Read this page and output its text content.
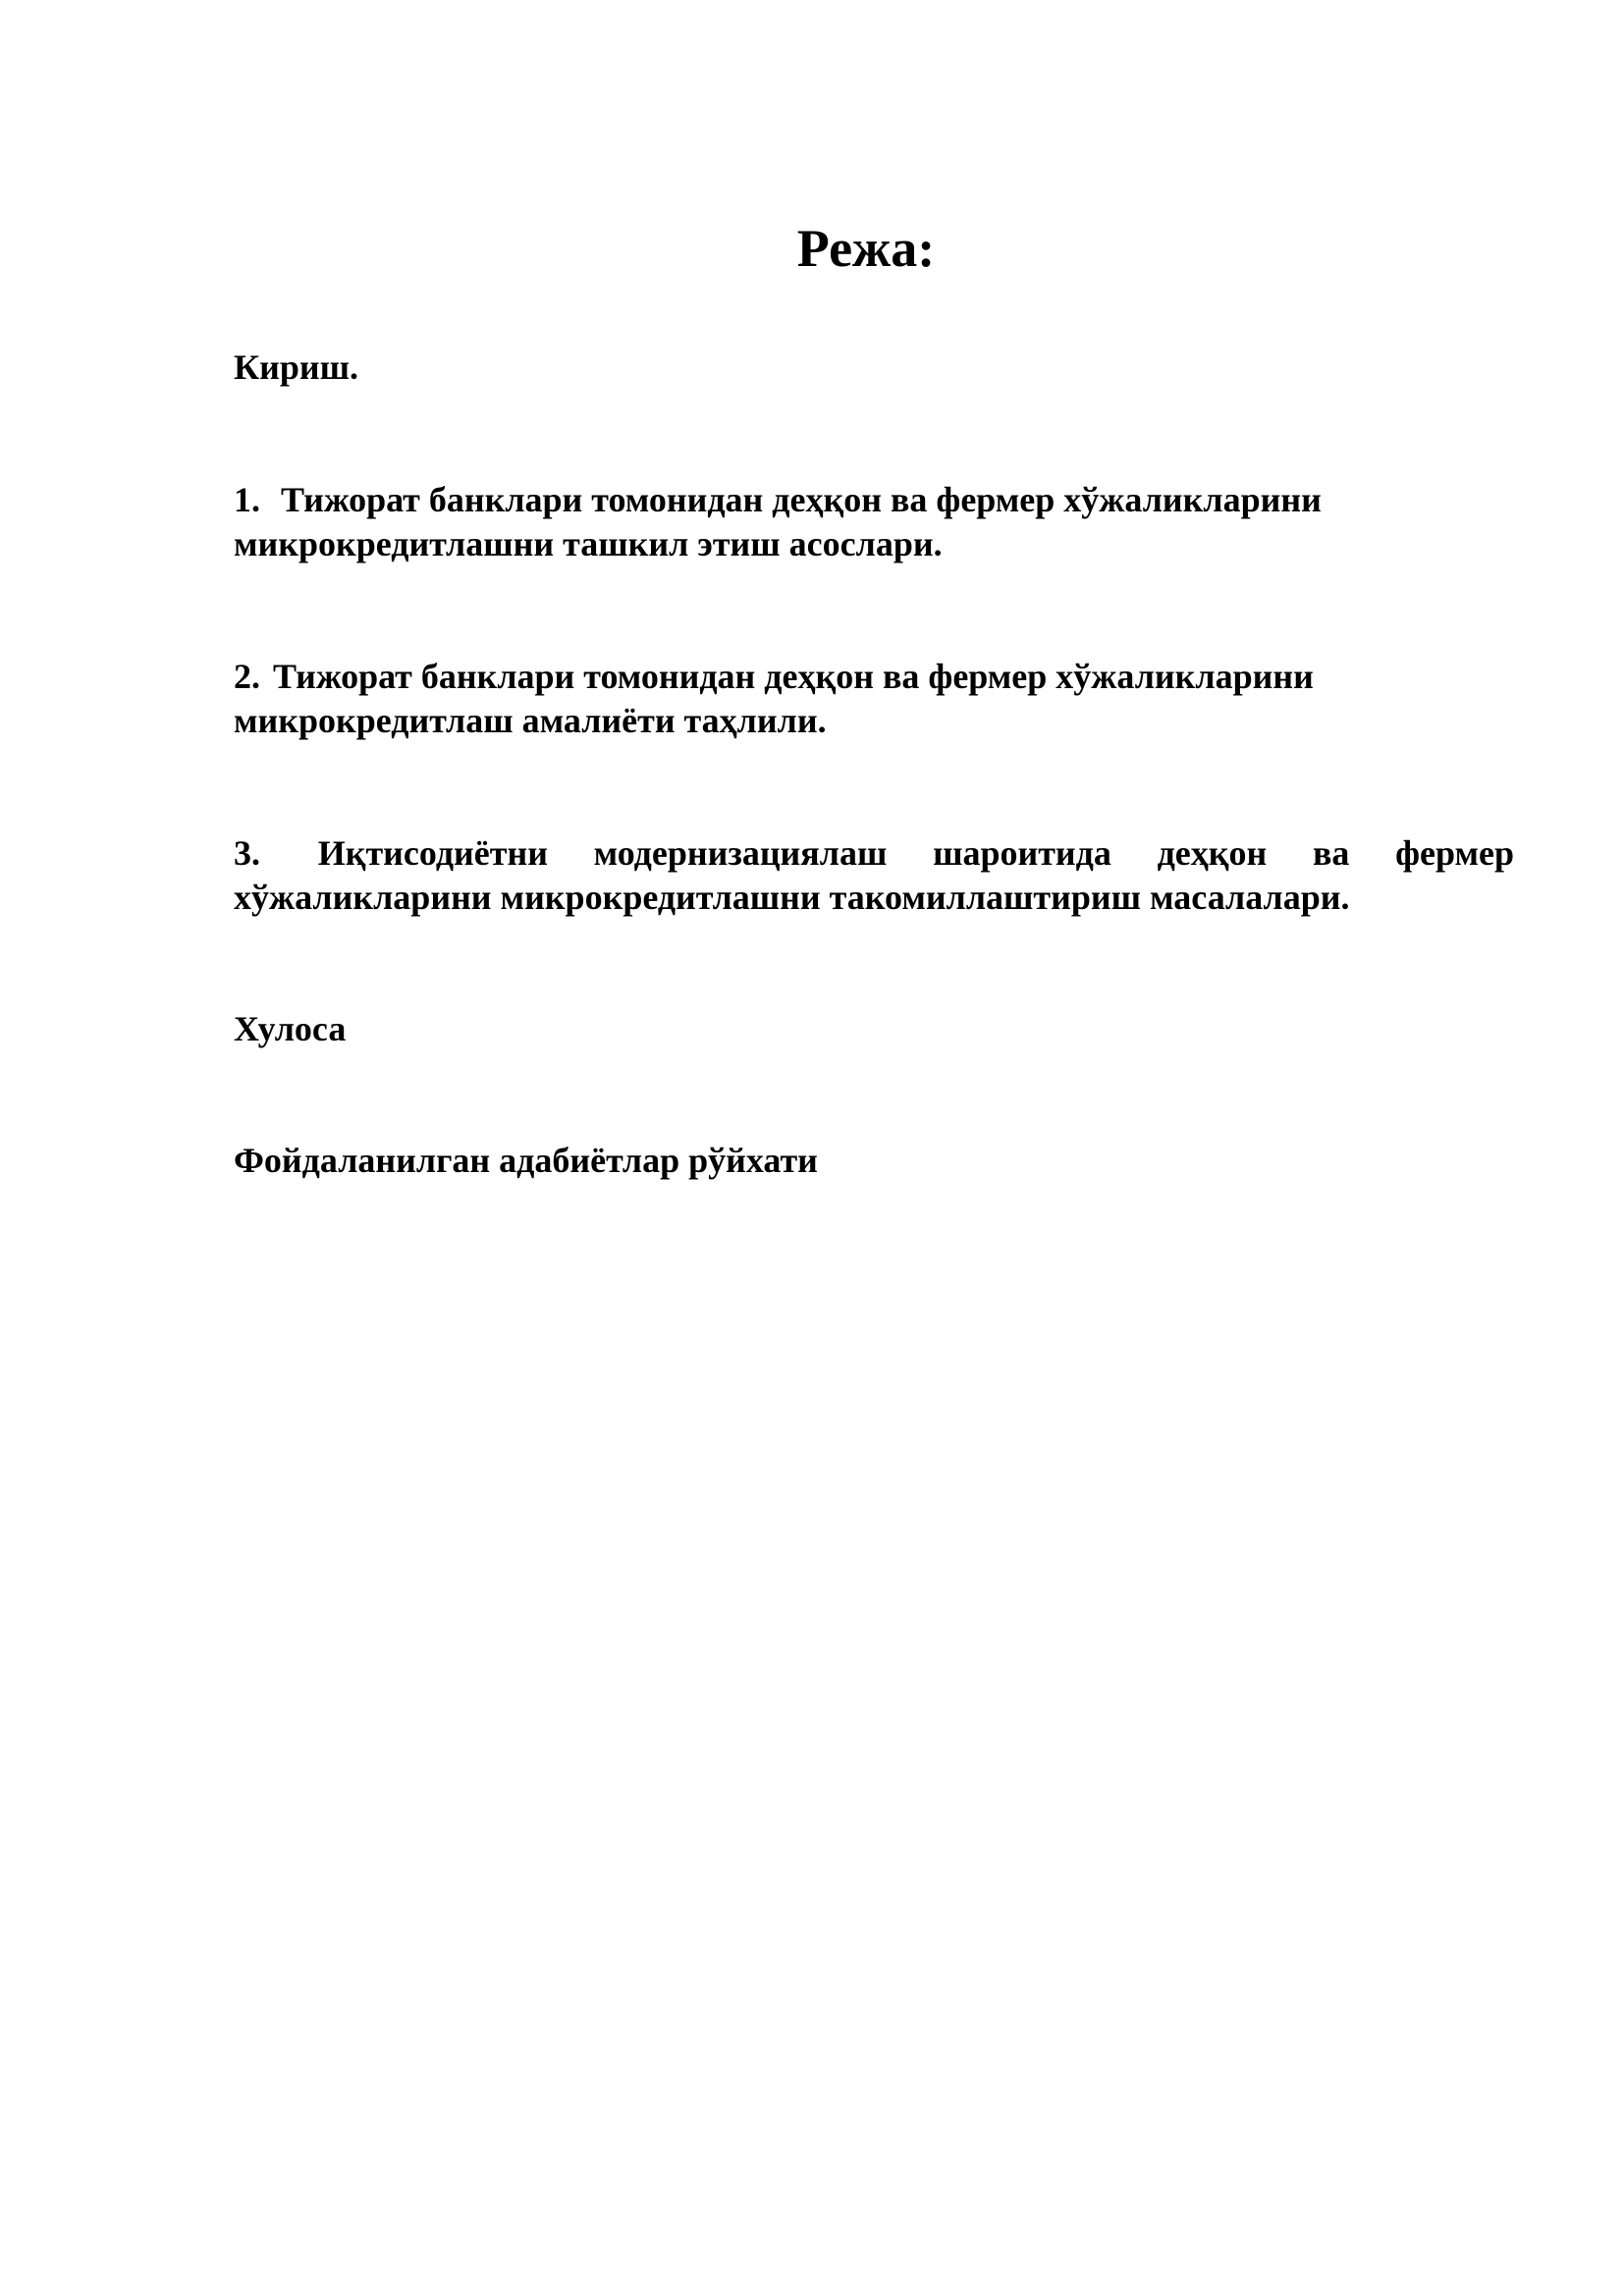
Режа:

Кириш.

1. Тижорат банклари томонидан деҳқон ва фермер хўжаликларини микрокредитлашни ташкил этиш асослари.

2. Тижорат банклари томонидан деҳқон ва фермер хўжаликларини микрокредитлаш амалиёти таҳлили.

3. Иқтисодиётни модернизациялаш шароитида деҳқон ва фермер хўжаликларини микрокредитлашни такомиллаштириш масалалари.

Хулоса

Фойдаланилган адабиётлар рўйхати
